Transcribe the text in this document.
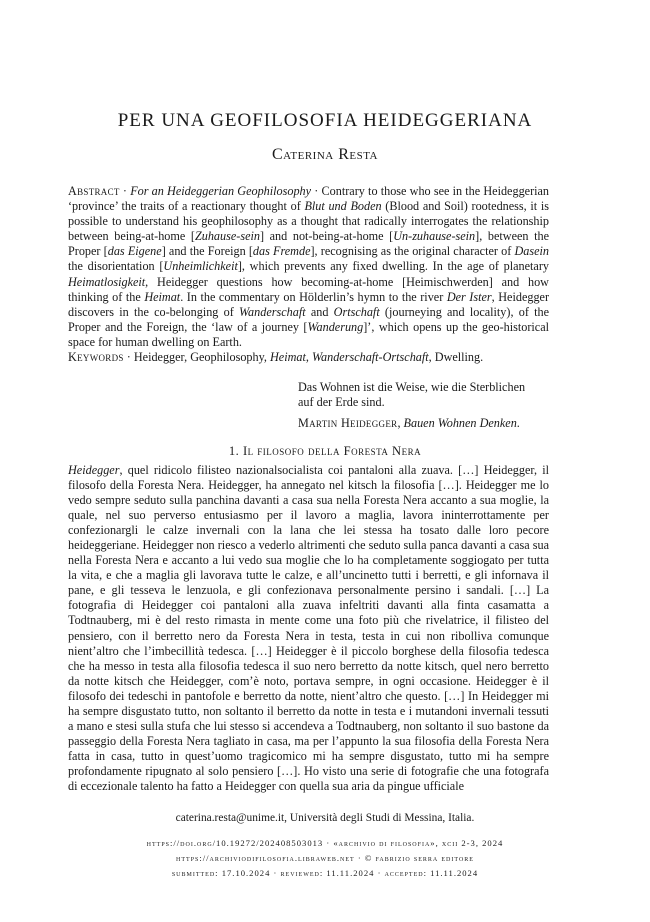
PER UNA GEOFILOSOFIA HEIDEGGERIANA
Caterina Resta
Abstract · For an Heideggerian Geophilosophy · Contrary to those who see in the Heideggerian ‘province’ the traits of a reactionary thought of Blut und Boden (Blood and Soil) rootedness, it is possible to understand his geophilosophy as a thought that radically interrogates the relationship between being-at-home [Zuhause-sein] and not-being-at-home [Un-zuhause-sein], between the Proper [das Eigene] and the Foreign [das Fremde], recognising as the original character of Dasein the disorientation [Unheimlichkeit], which prevents any fixed dwelling. In the age of planetary Heimatlosigkeit, Heidegger questions how becoming-at-home [Heimischwerden] and how thinking of the Heimat. In the commentary on Hölderlin’s hymn to the river Der Ister, Heidegger discovers in the co-belonging of Wanderschaft and Ortschaft (journeying and locality), of the Proper and the Foreign, the ‘law of a journey [Wanderung]’, which opens up the geo-historical space for human dwelling on Earth.
Keywords · Heidegger, Geophilosophy, Heimat, Wanderschaft-Ortschaft, Dwelling.
Das Wohnen ist die Weise, wie die Sterblichen
auf der Erde sind.
Martin Heidegger, Bauen Wohnen Denken.
1. Il filosofo della Foresta Nera
Heidegger, quel ridicolo filisteo nazionalsocialista coi pantaloni alla zuava. […] Heidegger, il filosofo della Foresta Nera. Heidegger, ha annegato nel kitsch la filosofia […]. Heidegger me lo vedo sempre seduto sulla panchina davanti a casa sua nella Foresta Nera accanto a sua moglie, la quale, nel suo perverso entusiasmo per il lavoro a maglia, lavora ininterrottamente per confezionargli le calze invernali con la lana che lei stessa ha tosato dalle loro pecore heideggeriane. Heidegger non riesco a vederlo altrimenti che seduto sulla panca davanti a casa sua nella Foresta Nera e accanto a lui vedo sua moglie che lo ha completamente soggiogato per tutta la vita, e che a maglia gli lavorava tutte le calze, e all’uncinetto tutti i berretti, e gli infornava il pane, e gli tesseva le lenzuola, e gli confezionava personalmente persino i sandali. […] La fotografia di Heidegger coi pantaloni alla zuava infeltriti davanti alla finta casamatta a Todtnauberg, mi è del resto rimasta in mente come una foto più che rivelatrice, il filisteo del pensiero, con il berretto nero da Foresta Nera in testa, testa in cui non ribolliva comunque nient’altro che l’imbecillità tedesca. […] Heidegger è il piccolo borghese della filosofia tedesca che ha messo in testa alla filosofia tedesca il suo nero berretto da notte kitsch, quel nero berretto da notte kitsch che Heidegger, com’è noto, portava sempre, in ogni occasione. Heidegger è il filosofo dei tedeschi in pantofole e berretto da notte, nient’altro che questo. […] In Heidegger mi ha sempre disgustato tutto, non soltanto il berretto da notte in testa e i mutandoni invernali tessuti a mano e stesi sulla stufa che lui stesso si accendeva a Todtnauberg, non soltanto il suo bastone da passeggio della Foresta Nera tagliato in casa, ma per l’appunto la sua filosofia della Foresta Nera fatta in casa, tutto in quest’uomo tragicomico mi ha sempre disgustato, tutto mi ha sempre profondamente ripugnato al solo pensiero […]. Ho visto una serie di fotografie che una fotografa di eccezionale talento ha fatto a Heidegger con quella sua aria da pingue ufficiale
caterina.resta@unime.it, Università degli Studi di Messina, Italia.
https://doi.org/10.19272/202408503013 · «archivio di filosofia», xcii 2-3, 2024
https://archiviodifilosofia.libraweb.net · © fabrizio serra editore
submitted: 17.10.2024 · reviewed: 11.11.2024 · accepted: 11.11.2024
